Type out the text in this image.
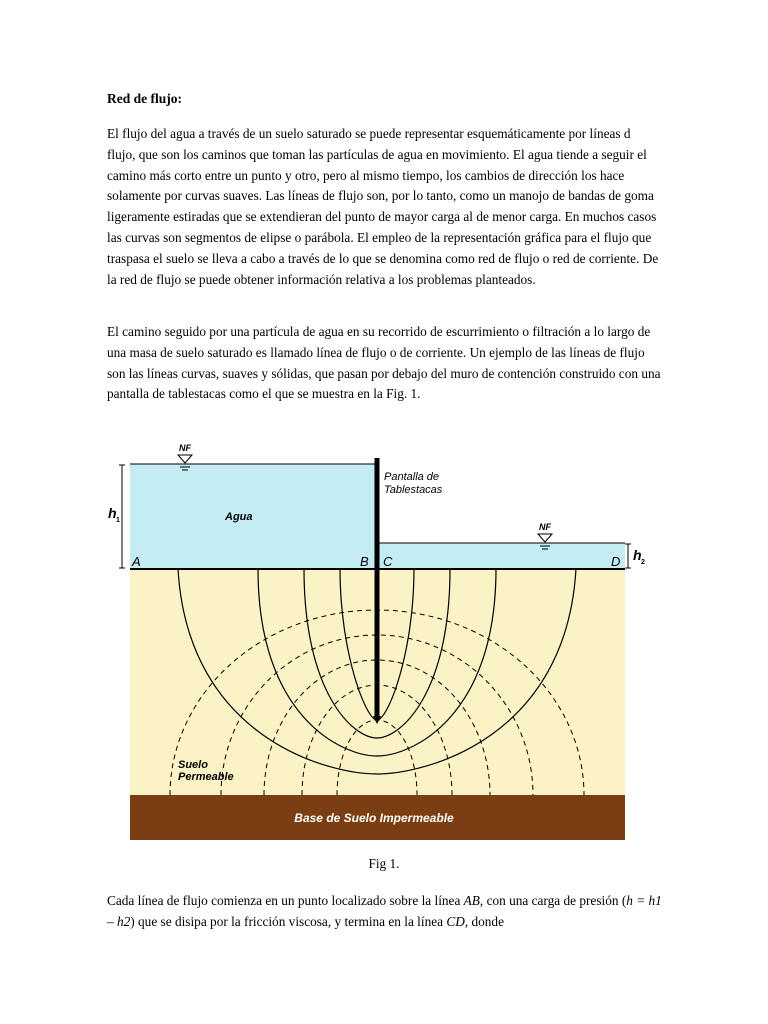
Red de flujo:

El flujo del agua a través de un suelo saturado se puede representar esquemáticamente por líneas d flujo, que son los caminos que toman las partículas de agua en movimiento. El agua tiende a seguir el camino más corto entre un punto y otro, pero al mismo tiempo, los cambios de dirección los hace solamente por curvas suaves. Las líneas de flujo son, por lo tanto, como un manojo de bandas de goma ligeramente estiradas que se extendieran del punto de mayor carga al de menor carga. En muchos casos las curvas son segmentos de elipse o parábola. El empleo de la representación gráfica para el flujo que traspasa el suelo se lleva a cabo a través de lo que se denomina como red de flujo o red de corriente. De la red de flujo se puede obtener información relativa a los problemas planteados.

El camino seguido por una partícula de agua en su recorrido de escurrimiento o filtración a lo largo de una masa de suelo saturado es llamado línea de flujo o de corriente. Un ejemplo de las líneas de flujo son las líneas curvas, suaves y sólidas, que pasan por debajo del muro de contención construido con una pantalla de tablestacas como el que se muestra en la Fig. 1.

NF
NF
h 1
h 2
Agua
Pantalla de
Tablestacas
A	B C	D
Suelo
Permeable
Base de Suelo Impermeable

Fig 1.

Cada línea de flujo comienza en un punto localizado sobre la línea AB, con una carga de presión (h = h1 – h2) que se disipa por la fricción viscosa, y termina en la línea CD, donde
